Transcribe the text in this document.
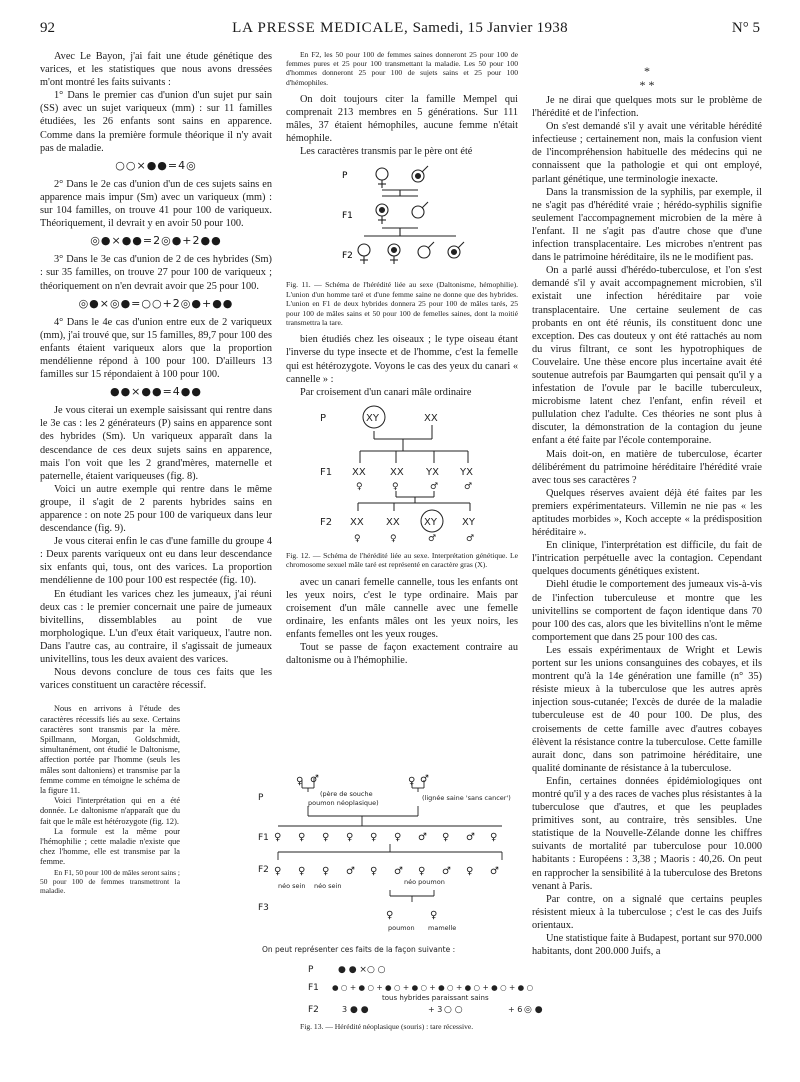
92	LA PRESSE MEDICALE, Samedi, 15 Janvier 1938	N° 5

Avec Le Bayon, j'ai fait une étude génétique des varices, et les statistiques que nous avons dressées m'ont montré les faits suivants :

1° Dans le premier cas d'union d'un sujet pur sain (SS) avec un sujet variqueux (mm) : sur 11 familles étudiées, les 26 enfants sont sains en apparence. Comme dans la première formule théorique il n'y avait pas de maladie.

○○×●●=4◎

2° Dans le 2e cas d'union d'un de ces sujets sains en apparence mais impur (Sm) avec un variqueux (mm) : sur 104 familles, on trouve 41 pour 100 de variqueux. Théoriquement, il devrait y en avoir 50 pour 100.

◎●×●●=2◎●+2●●

3° Dans le 3e cas d'union de 2 de ces hybrides (Sm) : sur 35 familles, on trouve 27 pour 100 de variqueux ; théoriquement on n'en devrait avoir que 25 pour 100.

◎●×◎●=○○+2◎●+●●

4° Dans le 4e cas d'union entre eux de 2 variqueux (mm), j'ai trouvé que, sur 15 familles, 89,7 pour 100 des enfants étaient variqueux alors que la proportion mendélienne répond à 100 pour 100. D'ailleurs 13 familles sur 15 répondaient à 100 pour 100.

●●×●●=4●●

Je vous citerai un exemple saisissant qui rentre dans le 3e cas : les 2 générateurs (P) sains en apparence sont des hybrides (Sm). Un variqueux apparaît dans la descendance de ces deux sujets sains en apparence, mais l'on voit que les 2 grand'mères, maternelle et paternelle, étaient variqueuses (fig. 8).

Voici un autre exemple qui rentre dans le même groupe, il s'agit de 2 parents hybrides sains en apparence : on note 25 pour 100 de variqueux dans leur descendance (fig. 9).

Je vous citerai enfin le cas d'une famille du groupe 4 : Deux parents variqueux ont eu dans leur descendance six enfants qui, tous, ont des varices. La proportion mendélienne de 100 pour 100 est respectée (fig. 10).

En étudiant les varices chez les jumeaux, j'ai réuni deux cas : le premier concernait une paire de jumeaux bivitellins, dissemblables au point de vue morphologique. L'un d'eux était variqueux, l'autre non. Dans l'autre cas, au contraire, il s'agissait de jumeaux univitellins, tous les deux avaient des varices.

Nous devons conclure de tous ces faits que les varices constituent un caractère récessif.

Nous en arrivons à l'étude des caractères récessifs liés au sexe. Certains caractères sont transmis par la mère. Spillmann, Morgan, Goldschmidt, simultanément, ont étudié le Daltonisme, affection portée par l'homme (seuls les mâles sont daltoniens) et transmise par la femme comme en témoigne le schéma de la figure 11.

Voici l'interprétation qui en a été donnée. Le daltonisme n'apparaît que du fait que le mâle est hétérozygote (fig. 12).

La formule est la même pour l'hémophilie ; cette maladie n'existe que chez l'homme, elle est transmise par la femme.

En F1, 50 pour 100 de mâles seront sains ; 50 pour 100 de femmes transmettront la maladie.

En F2, les 50 pour 100 de femmes saines donneront 25 pour 100 de femmes pures et 25 pour 100 transmettant la maladie. Les 50 pour 100 d'hommes donneront 25 pour 100 de sujets sains et 25 pour 100 d'hémophiles.

On doit toujours citer la famille Mempel qui comprenait 213 membres en 5 générations. Sur 111 mâles, 37 étaient hémophiles, aucune femme n'était hémophile.

Les caractères transmis par le père ont été

P
F1
F2

Fig. 11. — Schéma de l'hérédité liée au sexe (Daltonisme, hémophilie). L'union d'un homme taré et d'une femme saine ne donne que des hybrides. L'union en F1 de deux hybrides donnera 25 pour 100 de mâles tarés, 25 pour 100 de mâles sains et 50 pour 100 de femelles saines, dont la moitié transmettra la tare.

bien étudiés chez les oiseaux ; le type oiseau étant l'inverse du type insecte et de l'homme, c'est la femelle qui est hétérozygote. Voyons le cas des yeux du canari « cannelle » :

Par croisement d'un canari mâle ordinaire

P
F1
F2
XY	XX
XX XX YX YX
XX XX XY	XY
♀	♀	♂	♂
♀	♀	♂	♂

Fig. 12. — Schéma de l'hérédité liée au sexe. Interprétation génétique. Le chromosome sexuel mâle taré est représenté en caractère gras (X).

avec un canari femelle cannelle, tous les enfants ont les yeux noirs, c'est le type ordinaire. Mais par croisement d'un mâle cannelle avec une femelle ordinaire, les enfants mâles ont les yeux noirs, les enfants femelles ont les yeux rouges.

Tout se passe de façon exactement contraire au daltonisme ou à l'hémophilie.

P
F1
F2
F3
(père de souche
poumon néoplasique)
(lignée saine 'sans cancer')
néo sein néo sein	néo poumon
poumon mamelle
♀ ♂	♀ ♂
♀ ♀ ♀ ♀ ♀ ♀ ♂ ♀ ♂ ♀
♀ ♀ ♀ ♂ ♀ ♂ ♀ ♂ ♀ ♂
♀	♀
On peut représenter ces faits de la façon suivante :
P
F1
F2
● ● ×○ ○
● ○ + ● ○ + ● ○ + ● ○ + ● ○ + ● ○ + ● ○ + ● ○
3 ● ●	+ 3 ○ ○	+ 6 ◎ ●
tous hybrides paraissant sains
Fig. 13. — Hérédité néoplasique (souris) : tare récessive.

*

* *

Je ne dirai que quelques mots sur le problème de l'hérédité et de l'infection.

On s'est demandé s'il y avait une véritable hérédité infectieuse ; certainement non, mais la confusion vient de l'incompréhension habituelle des médecins qui ne connaissent que la pathologie et qui ont employé, parlant génétique, une terminologie inexacte.

Dans la transmission de la syphilis, par exemple, il ne s'agit pas d'hérédité vraie ; hérédo-syphilis signifie seulement l'accompagnement microbien de la mère à l'enfant. Il ne s'agit pas d'autre chose que d'une infection transplacentaire. Les microbes n'entrent pas dans le patrimoine héréditaire, ils ne le modifient pas.

On a parlé aussi d'hérédo-tuberculose, et l'on s'est demandé s'il y avait accompagnement microbien, s'il existait une infection héréditaire par voie transplacentaire. Une certaine seulement de cas probants en ont été réunis, ils constituent donc une exception. Des cas douteux y ont été rattachés au nom du virus filtrant, ce sont les hypotrophiques de Couvelaire. Une thèse encore plus incertaine avait été soutenue autrefois par Baumgarten qui pensait qu'il y a infestation de l'ovule par le bacille tuberculeux, microbisme latent chez l'enfant, enfin réveil et pullulation chez l'adulte. Ces théories ne sont plus à discuter, la démonstration de la contagion du jeune enfant a été faite par l'école contemporaine.

Mais doit-on, en matière de tuberculose, écarter délibérément du patrimoine héréditaire l'hérédité vraie avec tous ses caractères ?

Quelques réserves avaient déjà été faites par les premiers expérimentateurs. Villemin ne nie pas « les aptitudes morbides », Koch accepte « la prédisposition héréditaire ».

En clinique, l'interprétation est difficile, du fait de l'intrication perpétuelle avec la contagion. Cependant quelques documents génétiques existent.

Diehl étudie le comportement des jumeaux vis-à-vis de l'infection tuberculeuse et montre que les univitellins se comportent de façon identique dans 70 pour 100 des cas, alors que les bivitellins n'ont le même comportement que dans 25 pour 100 des cas.

Les essais expérimentaux de Wright et Lewis portent sur les unions consanguines des cobayes, et ils montrent qu'à la 14e génération une famille (n° 35) résiste mieux à la tuberculose que les autres après injection sous-cutanée; l'excès de durée de la maladie tuberculeuse est de 40 pour 100. De plus, des croisements de cette famille avec d'autres cobayes élèvent la résistance contre la tuberculose. Cette famille aurait donc, dans son patrimoine héréditaire, une qualité dominante de résistance à la tuberculose.

Enfin, certaines données épidémiologiques ont montré qu'il y a des races de vaches plus résistantes à la tuberculose que d'autres, et que les peuplades primitives sont, au contraire, très sensibles. Une statistique de la Nouvelle-Zélande donne les chiffres suivants de mortalité par tuberculose pour 10.000 habitants : Européens : 3,38 ; Maoris : 40,26. On peut en rapprocher la sensibilité à la tuberculose des Bretons venant à Paris.

Par contre, on a signalé que certains peuples résistent mieux à la tuberculose ; c'est le cas des Juifs orientaux.

Une statistique faite à Budapest, portant sur 970.000 habitants, dont 200.000 Juifs, a
